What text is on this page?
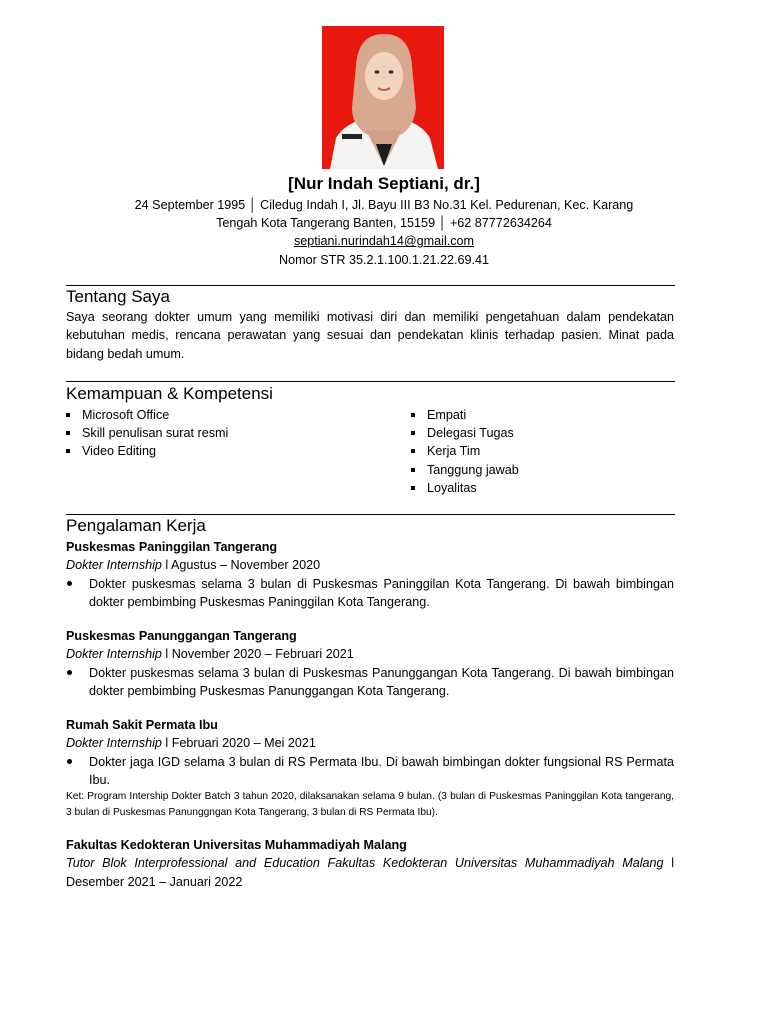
[Nur Indah Septiani, dr.]
24 September 1995 │ Ciledug Indah I, Jl. Bayu III B3 No.31 Kel. Pedurenan, Kec. Karang
Tengah Kota Tangerang Banten, 15159 │ +62 87772634264
septiani.nurindah14@gmail.com
Nomor STR 35.2.1.100.1.21.22.69.41
Tentang Saya
Saya seorang dokter umum yang memiliki motivasi diri dan memiliki pengetahuan dalam pendekatan kebutuhan medis, rencana perawatan yang sesuai dan pendekatan klinis terhadap pasien. Minat pada bidang bedah umum.
Kemampuan & Kompetensi
Microsoft Office
Skill penulisan surat resmi
Video Editing
Empati
Delegasi Tugas
Kerja Tim
Tanggung jawab
Loyalitas
Pengalaman Kerja
Puskesmas Paninggilan Tangerang
Dokter Internship l Agustus – November 2020

Dokter puskesmas selama 3 bulan di Puskesmas Paninggilan Kota Tangerang. Di bawah bimbingan dokter pembimbing Puskesmas Paninggilan Kota Tangerang.

Puskesmas Panunggangan Tangerang
Dokter Internship l November 2020 – Februari 2021

Dokter puskesmas selama 3 bulan di Puskesmas Panunggangan Kota Tangerang. Di bawah bimbingan dokter pembimbing Puskesmas Panunggangan Kota Tangerang.

Rumah Sakit Permata Ibu
Dokter Internship l Februari 2020 – Mei 2021

Dokter jaga IGD selama 3 bulan di RS Permata Ibu. Di bawah bimbingan dokter fungsional RS Permata Ibu.

Ket: Program Intership Dokter Batch 3 tahun 2020, dilaksanakan selama 9 bulan. (3 bulan di Puskesmas Paninggilan Kota tangerang, 3 bulan di Puskesmas Panunggngan Kota Tangerang, 3 bulan di RS Permata Ibu).
Fakultas Kedokteran Universitas Muhammadiyah Malang
Tutor Blok Interprofessional and Education Fakultas Kedokteran Universitas Muhammadiyah Malang l Desember 2021 – Januari 2022
